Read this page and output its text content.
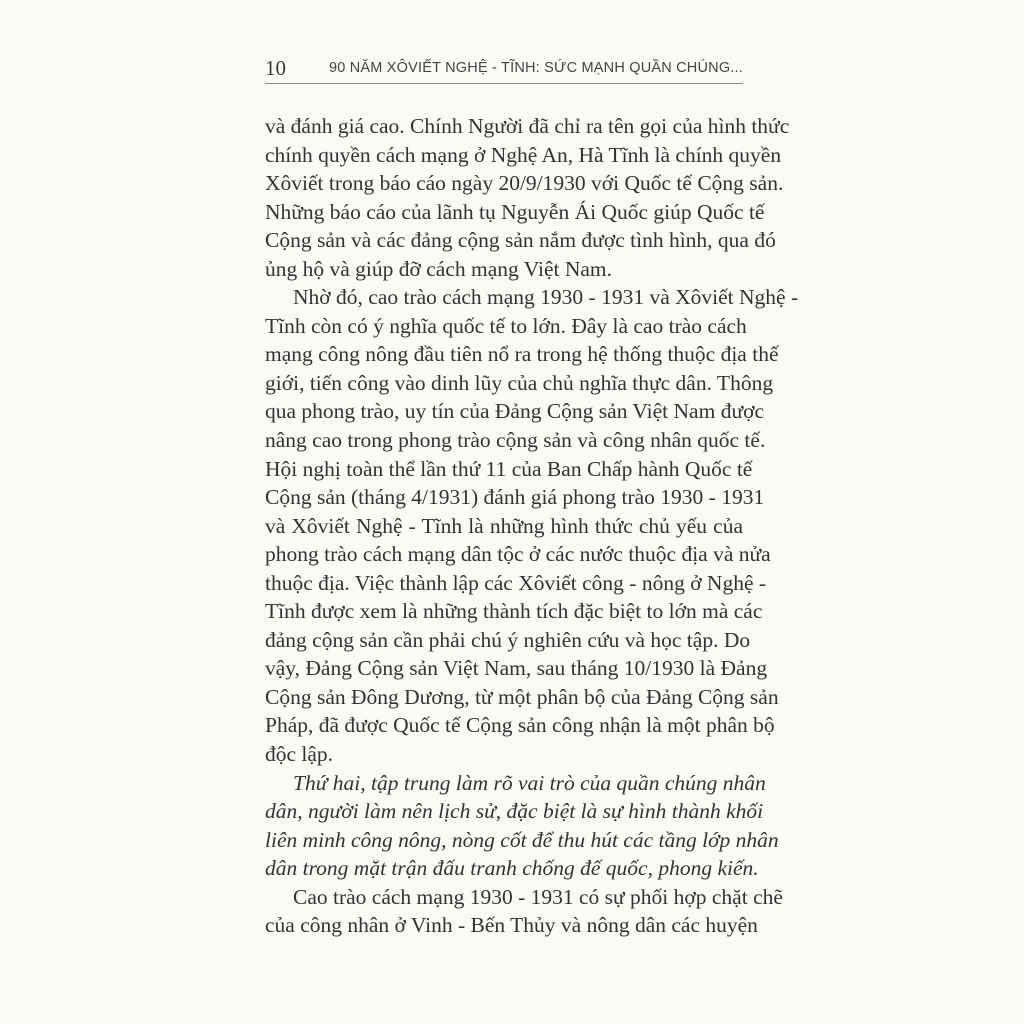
10	90 NĂM XÔVIẾT NGHỆ - TĨNH: SỨC MẠNH QUẦN CHÚNG...
và đánh giá cao. Chính Người đã chỉ ra tên gọi của hình thức
chính quyền cách mạng ở Nghệ An, Hà Tĩnh là chính quyền
Xôviết trong báo cáo ngày 20/9/1930 với Quốc tế Cộng sản.
Những báo cáo của lãnh tụ Nguyễn Ái Quốc giúp Quốc tế
Cộng sản và các đảng cộng sản nắm được tình hình, qua đó
ủng hộ và giúp đỡ cách mạng Việt Nam.
Nhờ đó, cao trào cách mạng 1930 - 1931 và Xôviết Nghệ -
Tĩnh còn có ý nghĩa quốc tế to lớn. Đây là cao trào cách
mạng công nông đầu tiên nổ ra trong hệ thống thuộc địa thế
giới, tiến công vào dinh lũy của chủ nghĩa thực dân. Thông
qua phong trào, uy tín của Đảng Cộng sản Việt Nam được
nâng cao trong phong trào cộng sản và công nhân quốc tế.
Hội nghị toàn thể lần thứ 11 của Ban Chấp hành Quốc tế
Cộng sản (tháng 4/1931) đánh giá phong trào 1930 - 1931
và Xôviết Nghệ - Tĩnh là những hình thức chủ yếu của
phong trào cách mạng dân tộc ở các nước thuộc địa và nửa
thuộc địa. Việc thành lập các Xôviết công - nông ở Nghệ -
Tĩnh được xem là những thành tích đặc biệt to lớn mà các
đảng cộng sản cần phải chú ý nghiên cứu và học tập. Do
vậy, Đảng Cộng sản Việt Nam, sau tháng 10/1930 là Đảng
Cộng sản Đông Dương, từ một phân bộ của Đảng Cộng sản
Pháp, đã được Quốc tế Cộng sản công nhận là một phân bộ
độc lập.
Thứ hai, tập trung làm rõ vai trò của quần chúng nhân
dân, người làm nên lịch sử, đặc biệt là sự hình thành khối
liên minh công nông, nòng cốt để thu hút các tầng lớp nhân
dân trong mặt trận đấu tranh chống đế quốc, phong kiến.
Cao trào cách mạng 1930 - 1931 có sự phối hợp chặt chẽ
của công nhân ở Vinh - Bến Thủy và nông dân các huyện
